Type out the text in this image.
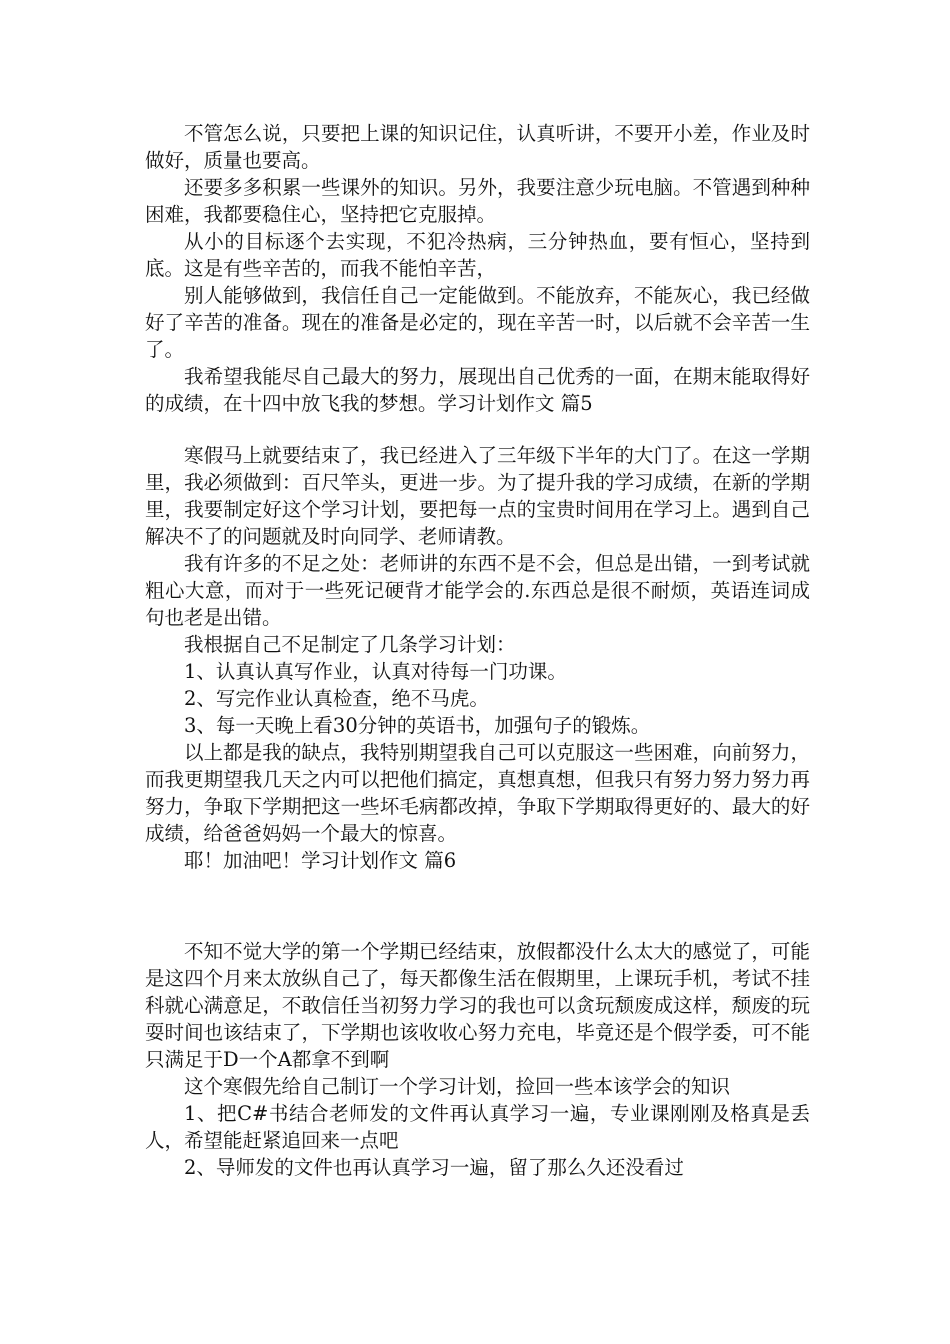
不管怎么说，只要把上课的知识记住，认真听讲，不要开小差，作业及时做好，质量也要高。

还要多多积累一些课外的知识。另外，我要注意少玩电脑。不管遇到种种困难，我都要稳住心，坚持把它克服掉。

从小的目标逐个去实现，不犯冷热病，三分钟热血，要有恒心，坚持到底。这是有些辛苦的，而我不能怕辛苦，

别人能够做到，我信任自己一定能做到。不能放弃，不能灰心，我已经做好了辛苦的准备。现在的准备是必定的，现在辛苦一时，以后就不会辛苦一生了。

我希望我能尽自己最大的努力，展现出自己优秀的一面，在期末能取得好的成绩，在十四中放飞我的梦想。学习计划作文 篇5

寒假马上就要结束了，我已经进入了三年级下半年的大门了。在这一学期里，我必须做到：百尺竿头，更进一步。为了提升我的学习成绩，在新的学期里，我要制定好这个学习计划，要把每一点的宝贵时间用在学习上。遇到自己解决不了的问题就及时向同学、老师请教。

我有许多的不足之处：老师讲的东西不是不会，但总是出错，一到考试就粗心大意，而对于一些死记硬背才能学会的.东西总是很不耐烦，英语连词成句也老是出错。

我根据自己不足制定了几条学习计划：

1、认真认真写作业，认真对待每一门功课。

2、写完作业认真检查，绝不马虎。

3、每一天晚上看30分钟的英语书，加强句子的锻炼。

以上都是我的缺点，我特别期望我自己可以克服这一些困难，向前努力，而我更期望我几天之内可以把他们搞定，真想真想，但我只有努力努力努力再努力，争取下学期把这一些坏毛病都改掉，争取下学期取得更好的、最大的好成绩，给爸爸妈妈一个最大的惊喜。

耶！加油吧！学习计划作文 篇6

不知不觉大学的第一个学期已经结束，放假都没什么太大的感觉了，可能是这四个月来太放纵自己了，每天都像生活在假期里，上课玩手机，考试不挂科就心满意足，不敢信任当初努力学习的我也可以贪玩颓废成这样，颓废的玩耍时间也该结束了，下学期也该收收心努力充电，毕竟还是个假学委，可不能只满足于D一个A都拿不到啊

这个寒假先给自己制订一个学习计划，捡回一些本该学会的知识

1、把C#书结合老师发的文件再认真学习一遍，专业课刚刚及格真是丢人，希望能赶紧追回来一点吧

2、导师发的文件也再认真学习一遍，留了那么久还没看过
